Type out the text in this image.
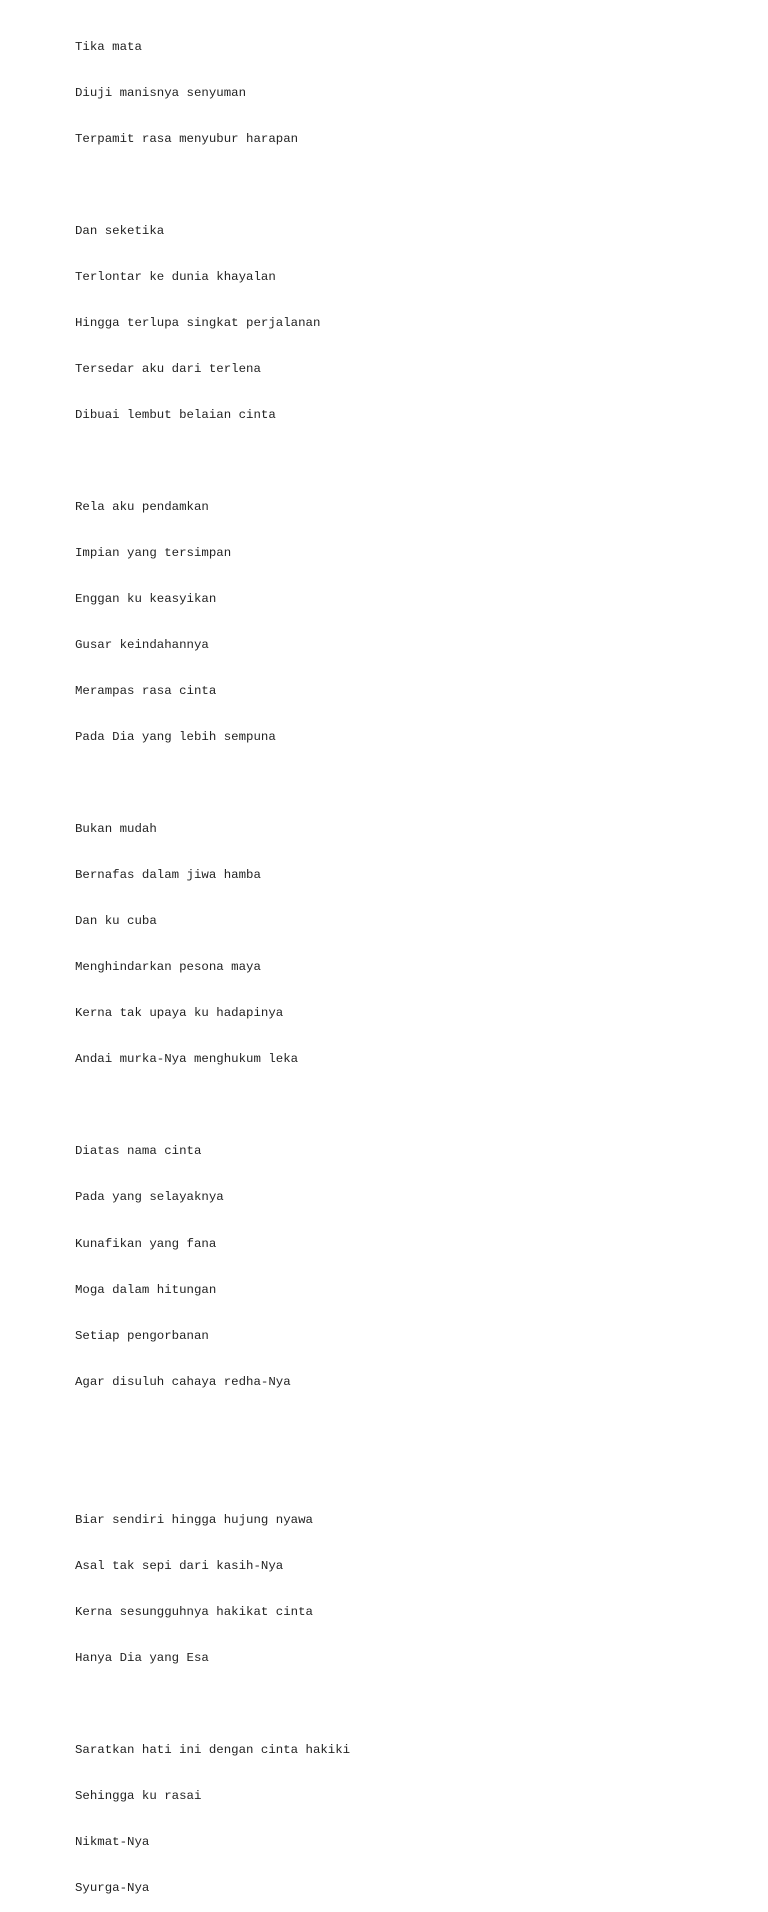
Tika mata

Diuji manisnya senyuman

Terpamit rasa menyubur harapan

Dan seketika

Terlontar ke dunia khayalan

Hingga terlupa singkat perjalanan

Tersedar aku dari terlena

Dibuai lembut belaian cinta

Rela aku pendamkan

Impian yang tersimpan

Enggan ku keasyikan

Gusar keindahannya

Merampas rasa cinta

Pada Dia yang lebih sempuna

Bukan mudah

Bernafas dalam jiwa hamba

Dan ku cuba

Menghindarkan pesona maya

Kerna tak upaya ku hadapinya

Andai murka-Nya menghukum leka

Diatas nama cinta

Pada yang selayaknya

Kunafikan yang fana

Moga dalam hitungan

Setiap pengorbanan

Agar disuluh cahaya redha-Nya

Biar sendiri hingga hujung nyawa

Asal tak sepi dari kasih-Nya

Kerna sesungguhnya hakikat cinta

Hanya Dia yang Esa

Saratkan hati ini dengan cinta hakiki

Sehingga ku rasai

Nikmat-Nya

Syurga-Nya
